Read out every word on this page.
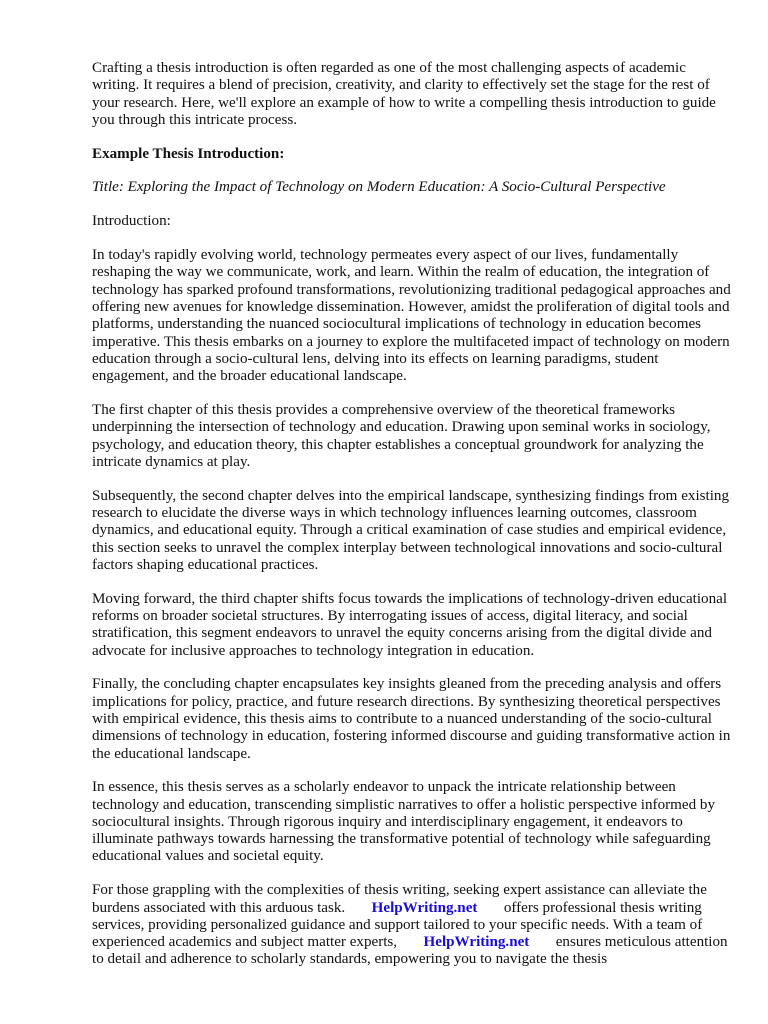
Crafting a thesis introduction is often regarded as one of the most challenging aspects of academic writing. It requires a blend of precision, creativity, and clarity to effectively set the stage for the rest of your research. Here, we'll explore an example of how to write a compelling thesis introduction to guide you through this intricate process.

Example Thesis Introduction:

Title: Exploring the Impact of Technology on Modern Education: A Socio-Cultural Perspective

Introduction:

In today's rapidly evolving world, technology permeates every aspect of our lives, fundamentally reshaping the way we communicate, work, and learn. Within the realm of education, the integration of technology has sparked profound transformations, revolutionizing traditional pedagogical approaches and offering new avenues for knowledge dissemination. However, amidst the proliferation of digital tools and platforms, understanding the nuanced sociocultural implications of technology in education becomes imperative. This thesis embarks on a journey to explore the multifaceted impact of technology on modern education through a socio-cultural lens, delving into its effects on learning paradigms, student engagement, and the broader educational landscape.

The first chapter of this thesis provides a comprehensive overview of the theoretical frameworks underpinning the intersection of technology and education. Drawing upon seminal works in sociology, psychology, and education theory, this chapter establishes a conceptual groundwork for analyzing the intricate dynamics at play.

Subsequently, the second chapter delves into the empirical landscape, synthesizing findings from existing research to elucidate the diverse ways in which technology influences learning outcomes, classroom dynamics, and educational equity. Through a critical examination of case studies and empirical evidence, this section seeks to unravel the complex interplay between technological innovations and socio-cultural factors shaping educational practices.

Moving forward, the third chapter shifts focus towards the implications of technology-driven educational reforms on broader societal structures. By interrogating issues of access, digital literacy, and social stratification, this segment endeavors to unravel the equity concerns arising from the digital divide and advocate for inclusive approaches to technology integration in education.

Finally, the concluding chapter encapsulates key insights gleaned from the preceding analysis and offers implications for policy, practice, and future research directions. By synthesizing theoretical perspectives with empirical evidence, this thesis aims to contribute to a nuanced understanding of the socio-cultural dimensions of technology in education, fostering informed discourse and guiding transformative action in the educational landscape.

In essence, this thesis serves as a scholarly endeavor to unpack the intricate relationship between technology and education, transcending simplistic narratives to offer a holistic perspective informed by sociocultural insights. Through rigorous inquiry and interdisciplinary engagement, it endeavors to illuminate pathways towards harnessing the transformative potential of technology while safeguarding educational values and societal equity.

For those grappling with the complexities of thesis writing, seeking expert assistance can alleviate the burdens associated with this arduous task. HelpWriting.net offers professional thesis writing services, providing personalized guidance and support tailored to your specific needs. With a team of experienced academics and subject matter experts, HelpWriting.net ensures meticulous attention to detail and adherence to scholarly standards, empowering you to navigate the thesis
